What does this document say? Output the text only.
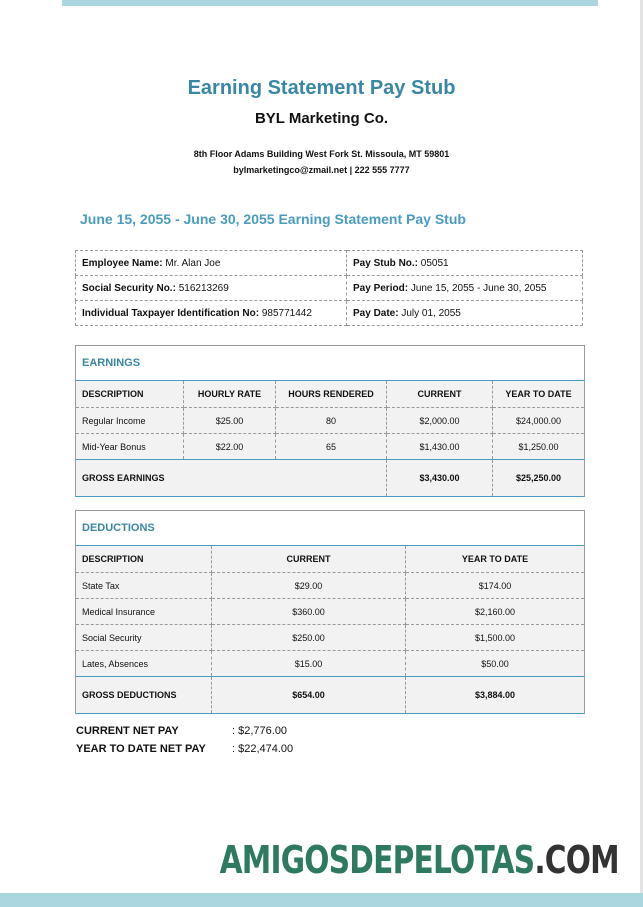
Earning Statement Pay Stub
BYL Marketing Co.
8th Floor Adams Building West Fork St. Missoula, MT 59801
bylmarketingco@zmail.net | 222 555 7777
June 15, 2055 - June 30, 2055 Earning Statement Pay Stub
Employee Name: Mr. Alan Joe	Pay Stub No.: 05051
Social Security No.: 516213269	Pay Period: June 15, 2055 - June 30, 2055
Individual Taxpayer Identification No: 985771442	Pay Date: July 01, 2055
EARNINGS
DESCRIPTION	HOURLY RATE	HOURS RENDERED	CURRENT	YEAR TO DATE
Regular Income	$25.00	80	$2,000.00	$24,000.00
Mid-Year Bonus	$22.00	65	$1,430.00	$1,250.00
GROSS EARNINGS			$3,430.00	$25,250.00
DEDUCTIONS
DESCRIPTION	CURRENT	YEAR TO DATE
State Tax	$29.00	$174.00
Medical Insurance	$360.00	$2,160.00
Social Security	$250.00	$1,500.00
Lates, Absences	$15.00	$50.00
GROSS DEDUCTIONS	$654.00	$3,884.00
CURRENT NET PAY	: $2,776.00
YEAR TO DATE NET PAY : $22,474.00
AMIGOSDEPELOTAS.COM
